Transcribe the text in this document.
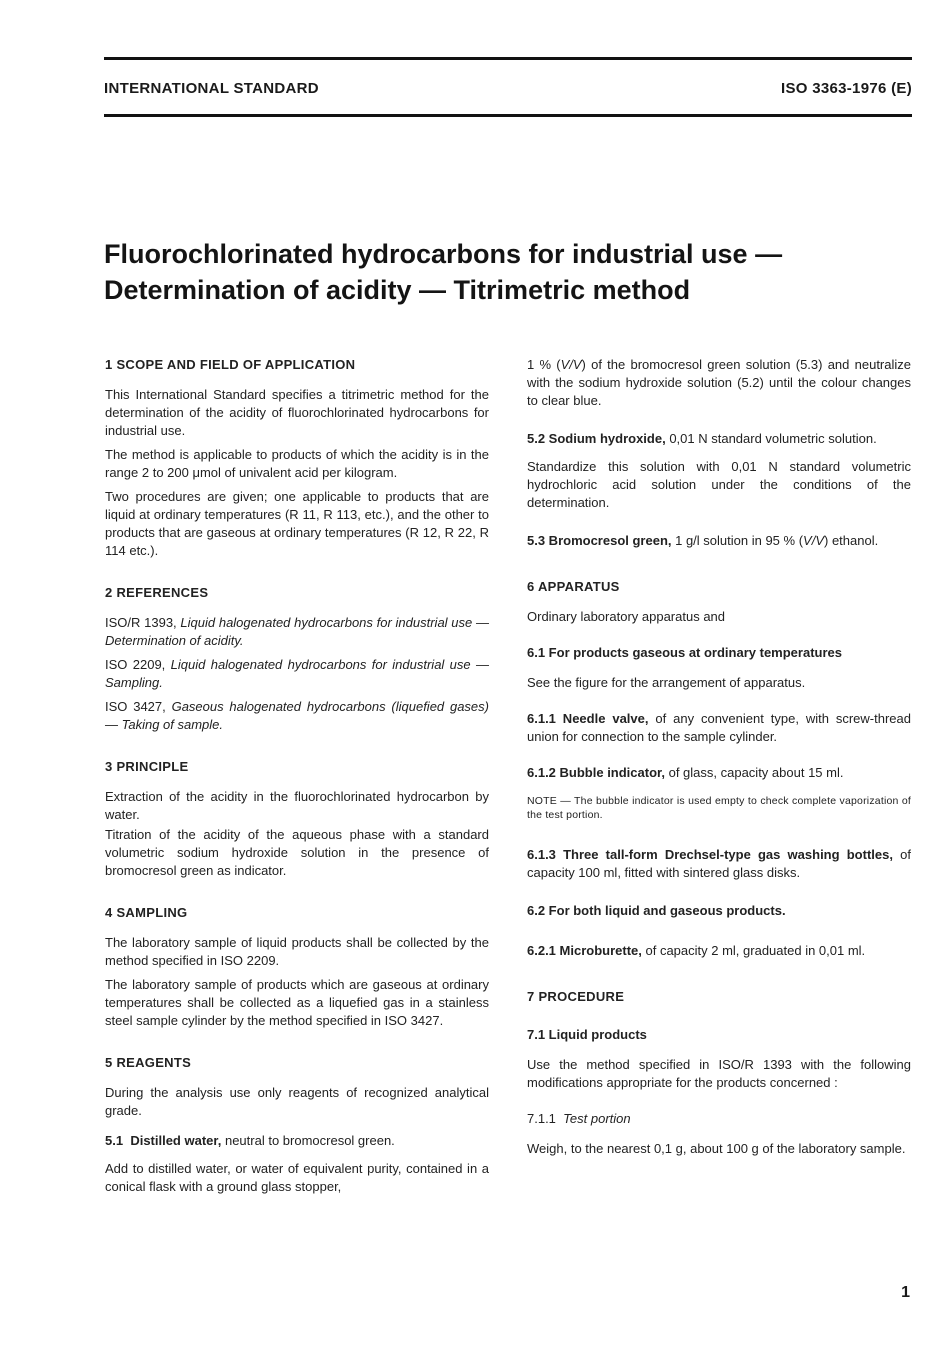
INTERNATIONAL STANDARD	ISO 3363-1976 (E)
Fluorochlorinated hydrocarbons for industrial use —
Determination of acidity — Titrimetric method

1 SCOPE AND FIELD OF APPLICATION

This International Standard specifies a titrimetric method for the determination of the acidity of fluorochlorinated hydrocarbons for industrial use.

The method is applicable to products of which the acidity is in the range 2 to 200 μmol of univalent acid per kilogram.

Two procedures are given; one applicable to products that are liquid at ordinary temperatures (R 11, R 113, etc.), and the other to products that are gaseous at ordinary temperatures (R 12, R 22, R 114 etc.).

2 REFERENCES

ISO/R 1393, Liquid halogenated hydrocarbons for industrial use — Determination of acidity.

ISO 2209, Liquid halogenated hydrocarbons for industrial use — Sampling.

ISO 3427, Gaseous halogenated hydrocarbons (liquefied gases) — Taking of sample.

3 PRINCIPLE

Extraction of the acidity in the fluorochlorinated hydrocarbon by water.

Titration of the acidity of the aqueous phase with a standard volumetric sodium hydroxide solution in the presence of bromocresol green as indicator.

4 SAMPLING

The laboratory sample of liquid products shall be collected by the method specified in ISO 2209.

The laboratory sample of products which are gaseous at ordinary temperatures shall be collected as a liquefied gas in a stainless steel sample cylinder by the method specified in ISO 3427.

5 REAGENTS

During the analysis use only reagents of recognized analytical grade.

5.1 Distilled water, neutral to bromocresol green.

Add to distilled water, or water of equivalent purity, contained in a conical flask with a ground glass stopper,

1 % (V/V) of the bromocresol green solution (5.3) and neutralize with the sodium hydroxide solution (5.2) until the colour changes to clear blue.

5.2 Sodium hydroxide, 0,01 N standard volumetric solution.

Standardize this solution with 0,01 N standard volumetric hydrochloric acid solution under the conditions of the determination.

5.3 Bromocresol green, 1 g/l solution in 95 % (V/V) ethanol.

6 APPARATUS

Ordinary laboratory apparatus and

6.1 For products gaseous at ordinary temperatures

See the figure for the arrangement of apparatus.

6.1.1 Needle valve, of any convenient type, with screw-thread union for connection to the sample cylinder.

6.1.2 Bubble indicator, of glass, capacity about 15 ml.

NOTE — The bubble indicator is used empty to check complete vaporization of the test portion.

6.1.3 Three tall-form Drechsel-type gas washing bottles, of capacity 100 ml, fitted with sintered glass disks.

6.2 For both liquid and gaseous products.

6.2.1 Microburette, of capacity 2 ml, graduated in 0,01 ml.

7 PROCEDURE

7.1 Liquid products

Use the method specified in ISO/R 1393 with the following modifications appropriate for the products concerned :

7.1.1 Test portion

Weigh, to the nearest 0,1 g, about 100 g of the laboratory sample.

1
